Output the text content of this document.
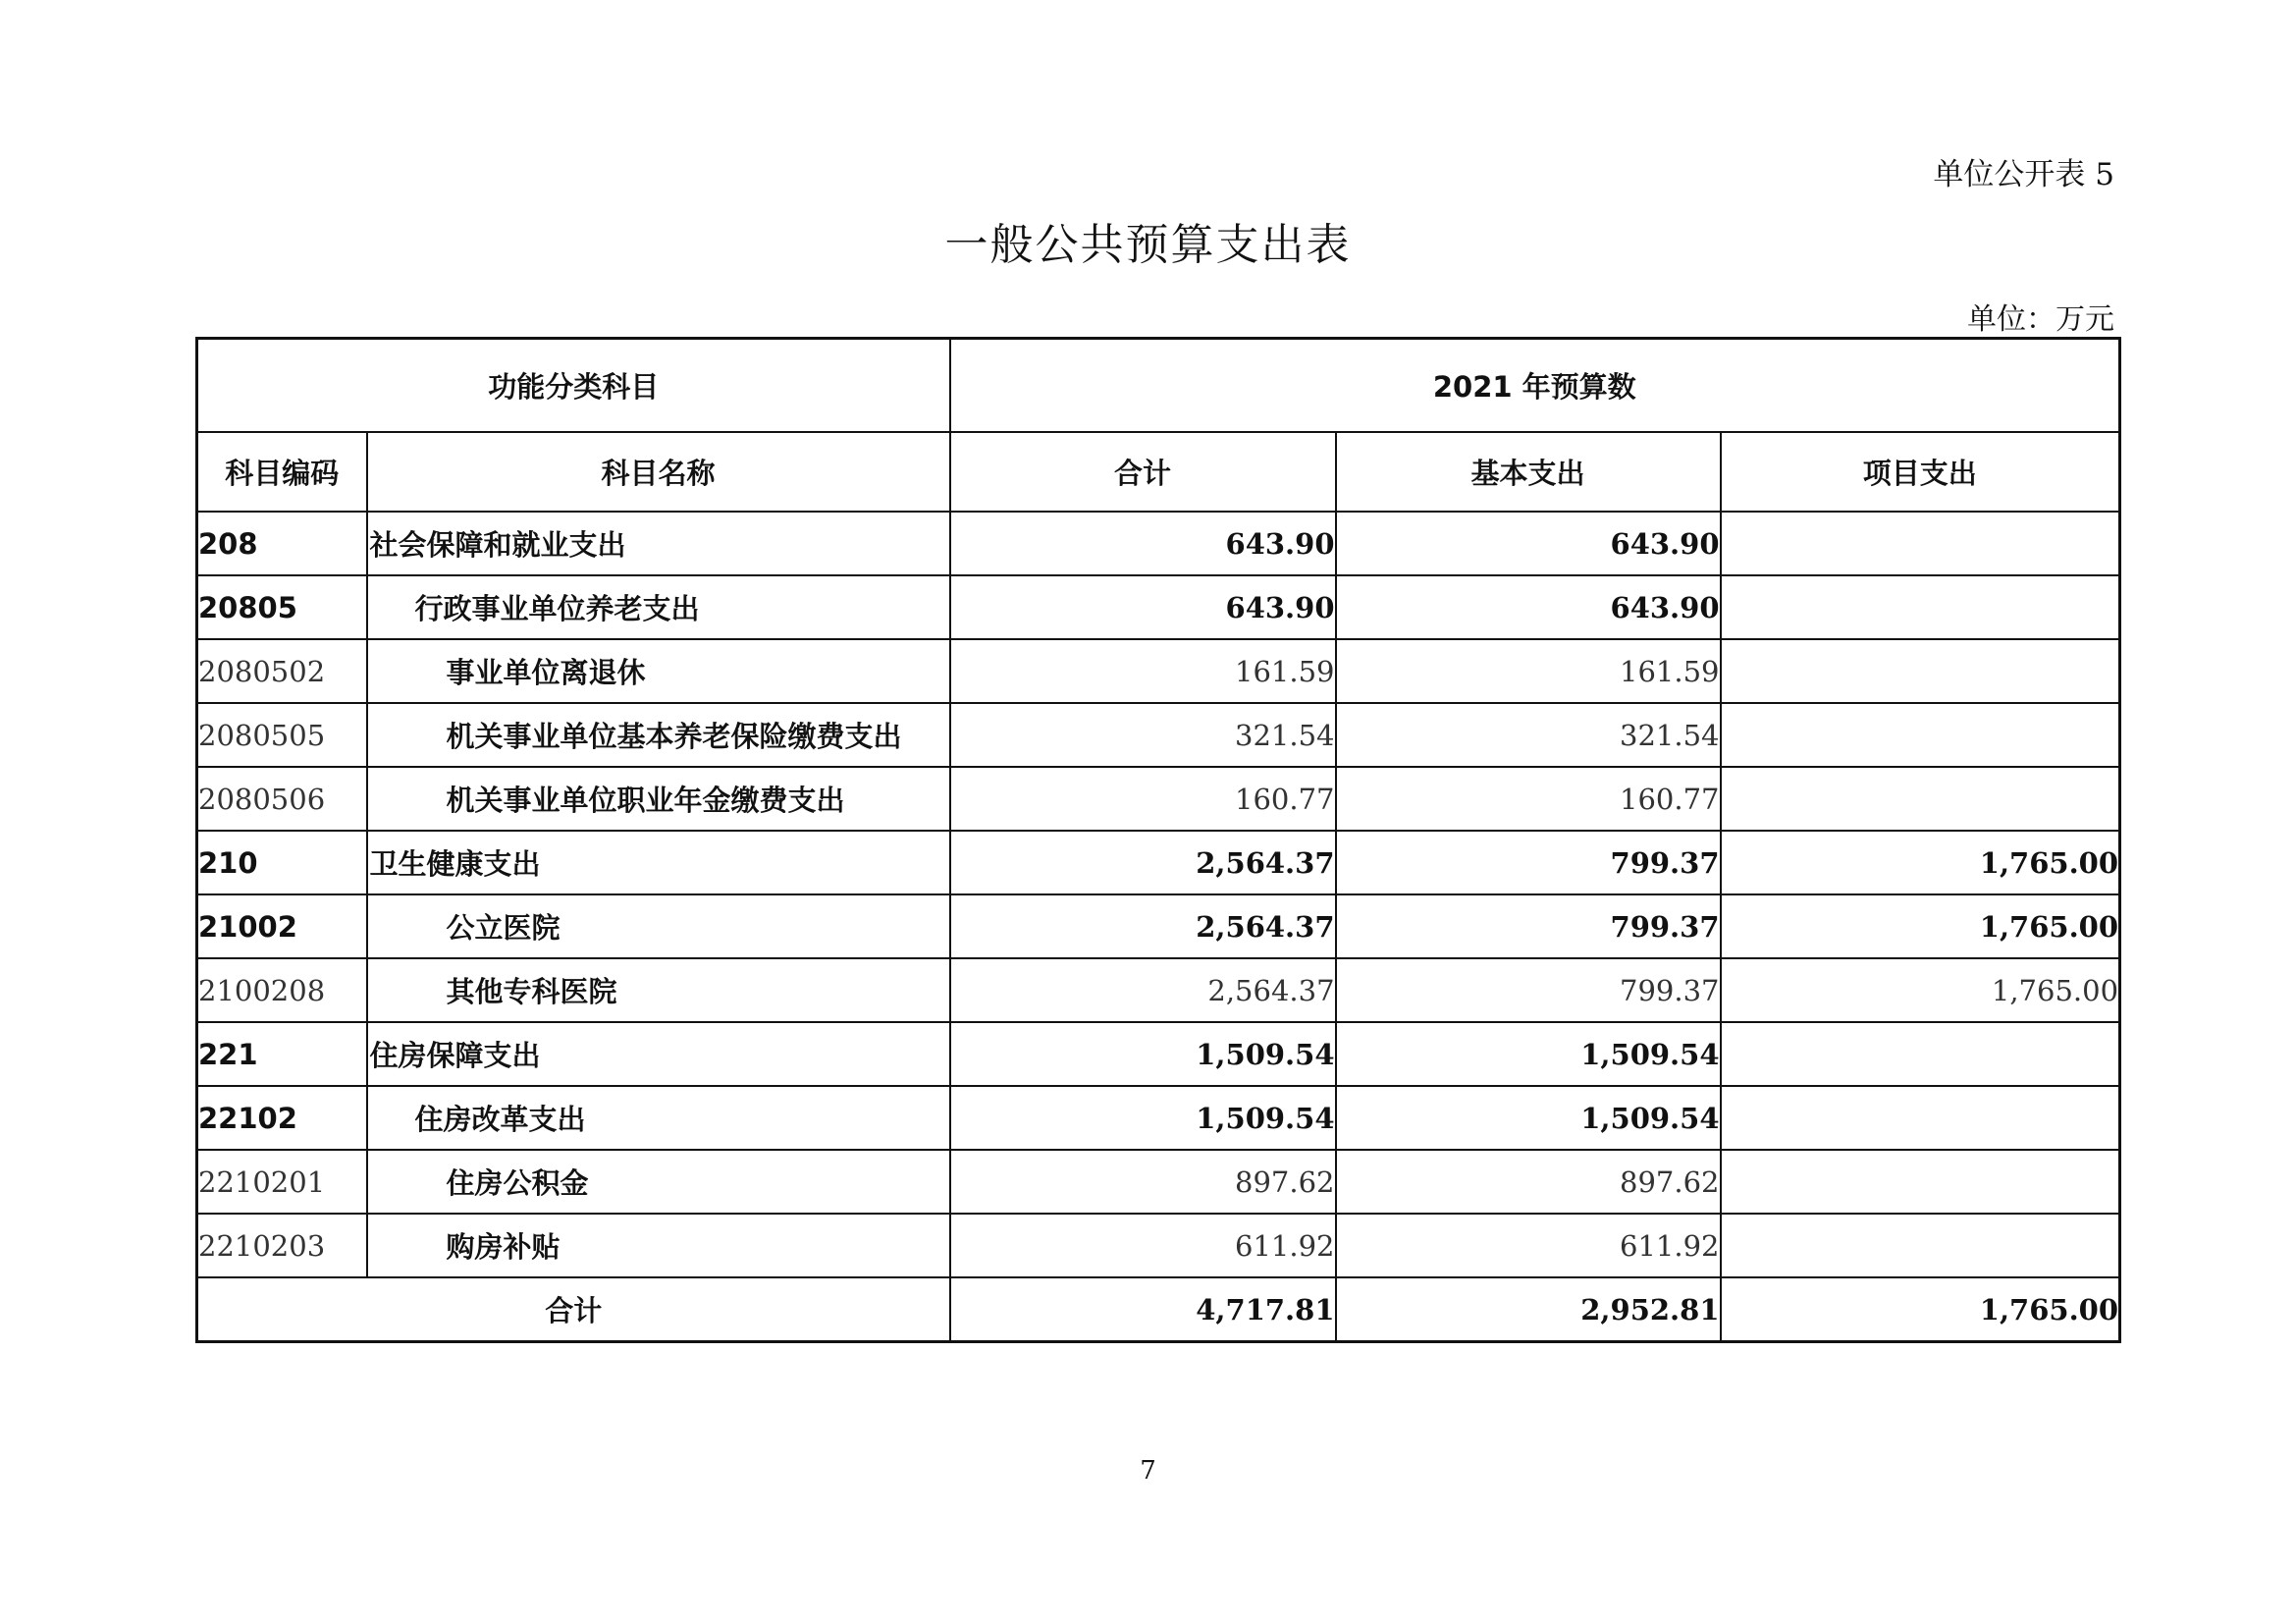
单位公开表 5
一般公共预算支出表
单位：万元
功能分类科目		2021 年预算数		
科目编码	科目名称	合计	基本支出	项目支出
208	社会保障和就业支出	643.90	643.90	
20805	行政事业单位养老支出	643.90	643.90	
2080502	事业单位离退休	161.59	161.59	
2080505	机关事业单位基本养老保险缴费支出	321.54	321.54	
2080506	机关事业单位职业年金缴费支出	160.77	160.77	
210	卫生健康支出	2,564.37	799.37	1,765.00
21002	公立医院	2,564.37	799.37	1,765.00
2100208	其他专科医院	2,564.37	799.37	1,765.00
221	住房保障支出	1,509.54	1,509.54	
22102	住房改革支出	1,509.54	1,509.54	
2210201	住房公积金	897.62	897.62	
2210203	购房补贴	611.92	611.92	
合计		4,717.81	2,952.81	1,765.00
7
